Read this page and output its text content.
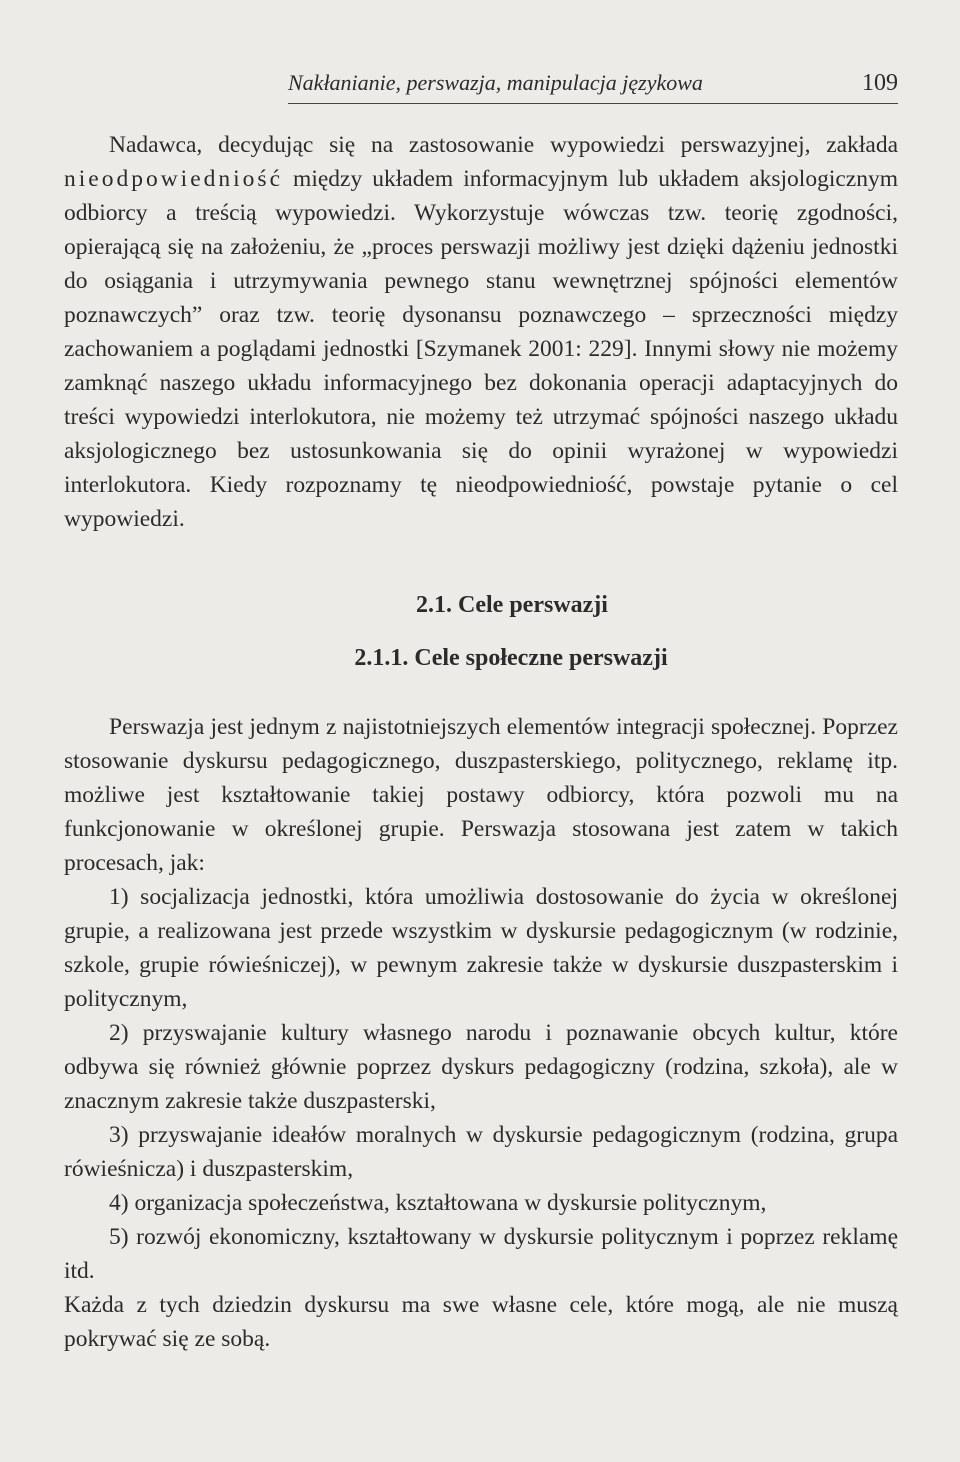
Nakłanianie, perswazja, manipulacja językowa	109

Nadawca, decydując się na zastosowanie wypowiedzi perswazyjnej, zakłada nieodpowiedniość między układem informacyjnym lub układem aksjologicznym odbiorcy a treścią wypowiedzi. Wykorzystuje wówczas tzw. teorię zgodności, opierającą się na założeniu, że „proces perswazji możliwy jest dzięki dążeniu jednostki do osiągania i utrzymywania pewnego stanu wewnętrznej spójności elementów poznawczych” oraz tzw. teorię dysonansu poznawczego – sprzeczności między zachowaniem a poglądami jednostki [Szymanek 2001: 229]. Innymi słowy nie możemy zamknąć naszego układu informacyjnego bez dokonania operacji adaptacyjnych do treści wypowiedzi interlokutora, nie możemy też utrzymać spójności naszego układu aksjologicznego bez ustosunkowania się do opinii wyrażonej w wypowiedzi interlokutora. Kiedy rozpoznamy tę nieodpowiedniość, powstaje pytanie o cel wypowiedzi.

2.1. Cele perswazji
2.1.1. Cele społeczne perswazji

Perswazja jest jednym z najistotniejszych elementów integracji społecznej. Poprzez stosowanie dyskursu pedagogicznego, duszpasterskiego, politycznego, reklamę itp. możliwe jest kształtowanie takiej postawy odbiorcy, która pozwoli mu na funkcjonowanie w określonej grupie. Perswazja stosowana jest zatem w takich procesach, jak:

1) socjalizacja jednostki, która umożliwia dostosowanie do życia w określonej grupie, a realizowana jest przede wszystkim w dyskursie pedagogicznym (w rodzinie, szkole, grupie rówieśniczej), w pewnym zakresie także w dyskursie duszpasterskim i politycznym,

2) przyswajanie kultury własnego narodu i poznawanie obcych kultur, które odbywa się również głównie poprzez dyskurs pedagogiczny (rodzina, szkoła), ale w znacznym zakresie także duszpasterski,

3) przyswajanie ideałów moralnych w dyskursie pedagogicznym (rodzina, grupa rówieśnicza) i duszpasterskim,

4) organizacja społeczeństwa, kształtowana w dyskursie politycznym,

5) rozwój ekonomiczny, kształtowany w dyskursie politycznym i poprzez reklamę itd.

Każda z tych dziedzin dyskursu ma swe własne cele, które mogą, ale nie muszą pokrywać się ze sobą.
